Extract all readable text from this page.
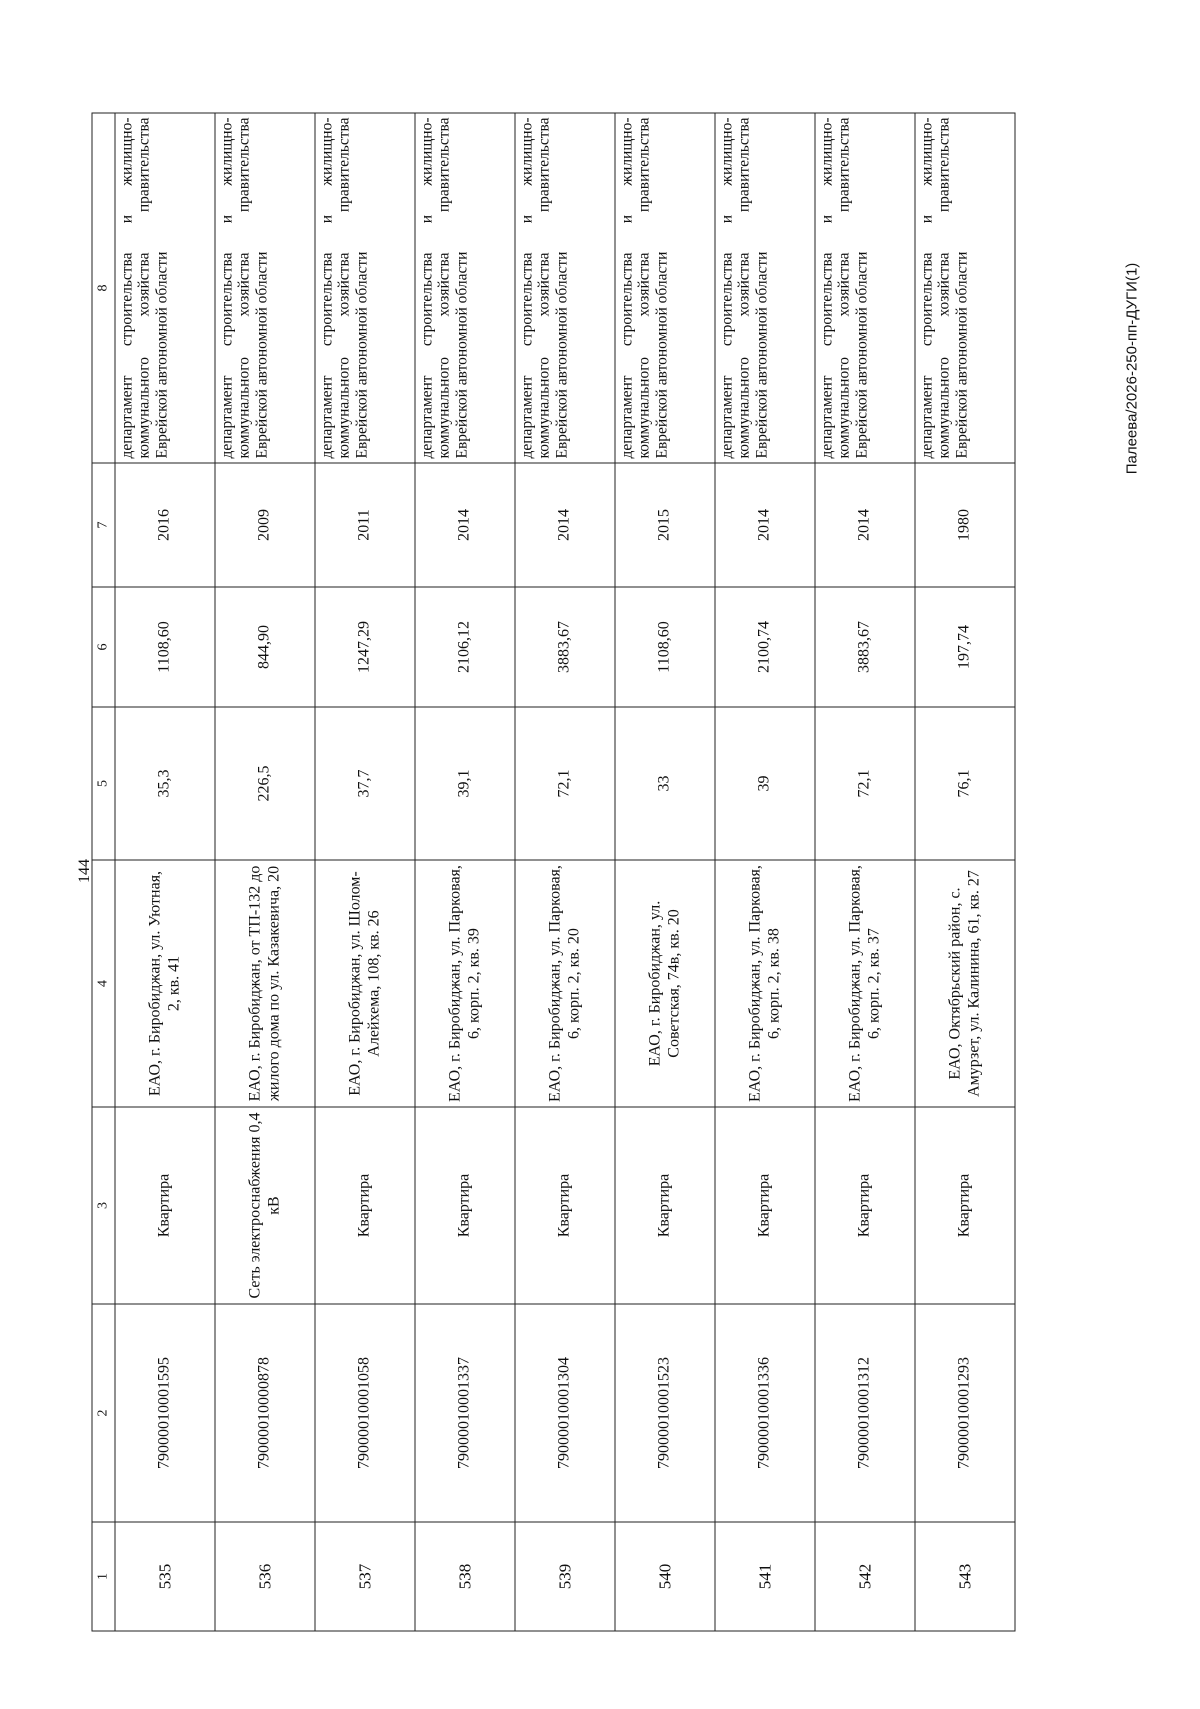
144
Палеева/2026-250-пп-ДУГИ(1)
1	2	3	4	5	6	7	8
535	79000010001595	Квартира	ЕАО, г. Биробиджан, ул. Уютная, 2, кв. 41	35,3	1108,60	2016	департамент строительства и жилищно-коммунального хозяйства правительства Еврейской автономной области
536	79000010000878	Сеть электроснабжения 0,4 кВ	ЕАО, г. Биробиджан, от ТП-132 до жилого дома по ул. Казакевича, 20	226,5	844,90	2009	департамент строительства и жилищно-коммунального хозяйства правительства Еврейской автономной области
537	79000010001058	Квартира	ЕАО, г. Биробиджан, ул. Шолом-Алейхема, 108, кв. 26	37,7	1247,29	2011	департамент строительства и жилищно-коммунального хозяйства правительства Еврейской автономной области
538	79000010001337	Квартира	ЕАО, г. Биробиджан, ул. Парковая, 6, корп. 2, кв. 39	39,1	2106,12	2014	департамент строительства и жилищно-коммунального хозяйства правительства Еврейской автономной области
539	79000010001304	Квартира	ЕАО, г. Биробиджан, ул. Парковая, 6, корп. 2, кв. 20	72,1	3883,67	2014	департамент строительства и жилищно-коммунального хозяйства правительства Еврейской автономной области
540	79000010001523	Квартира	ЕАО, г. Биробиджан, ул. Советская, 74в, кв. 20	33	1108,60	2015	департамент строительства и жилищно-коммунального хозяйства правительства Еврейской автономной области
541	79000010001336	Квартира	ЕАО, г. Биробиджан, ул. Парковая, 6, корп. 2, кв. 38	39	2100,74	2014	департамент строительства и жилищно-коммунального хозяйства правительства Еврейской автономной области
542	79000010001312	Квартира	ЕАО, г. Биробиджан, ул. Парковая, 6, корп. 2, кв. 37	72,1	3883,67	2014	департамент строительства и жилищно-коммунального хозяйства правительства Еврейской автономной области
543	79000010001293	Квартира	ЕАО, Октябрьский район, с. Амурзет, ул. Калинина, 61, кв. 27	76,1	197,74	1980	департамент строительства и жилищно-коммунального хозяйства правительства Еврейской автономной области
